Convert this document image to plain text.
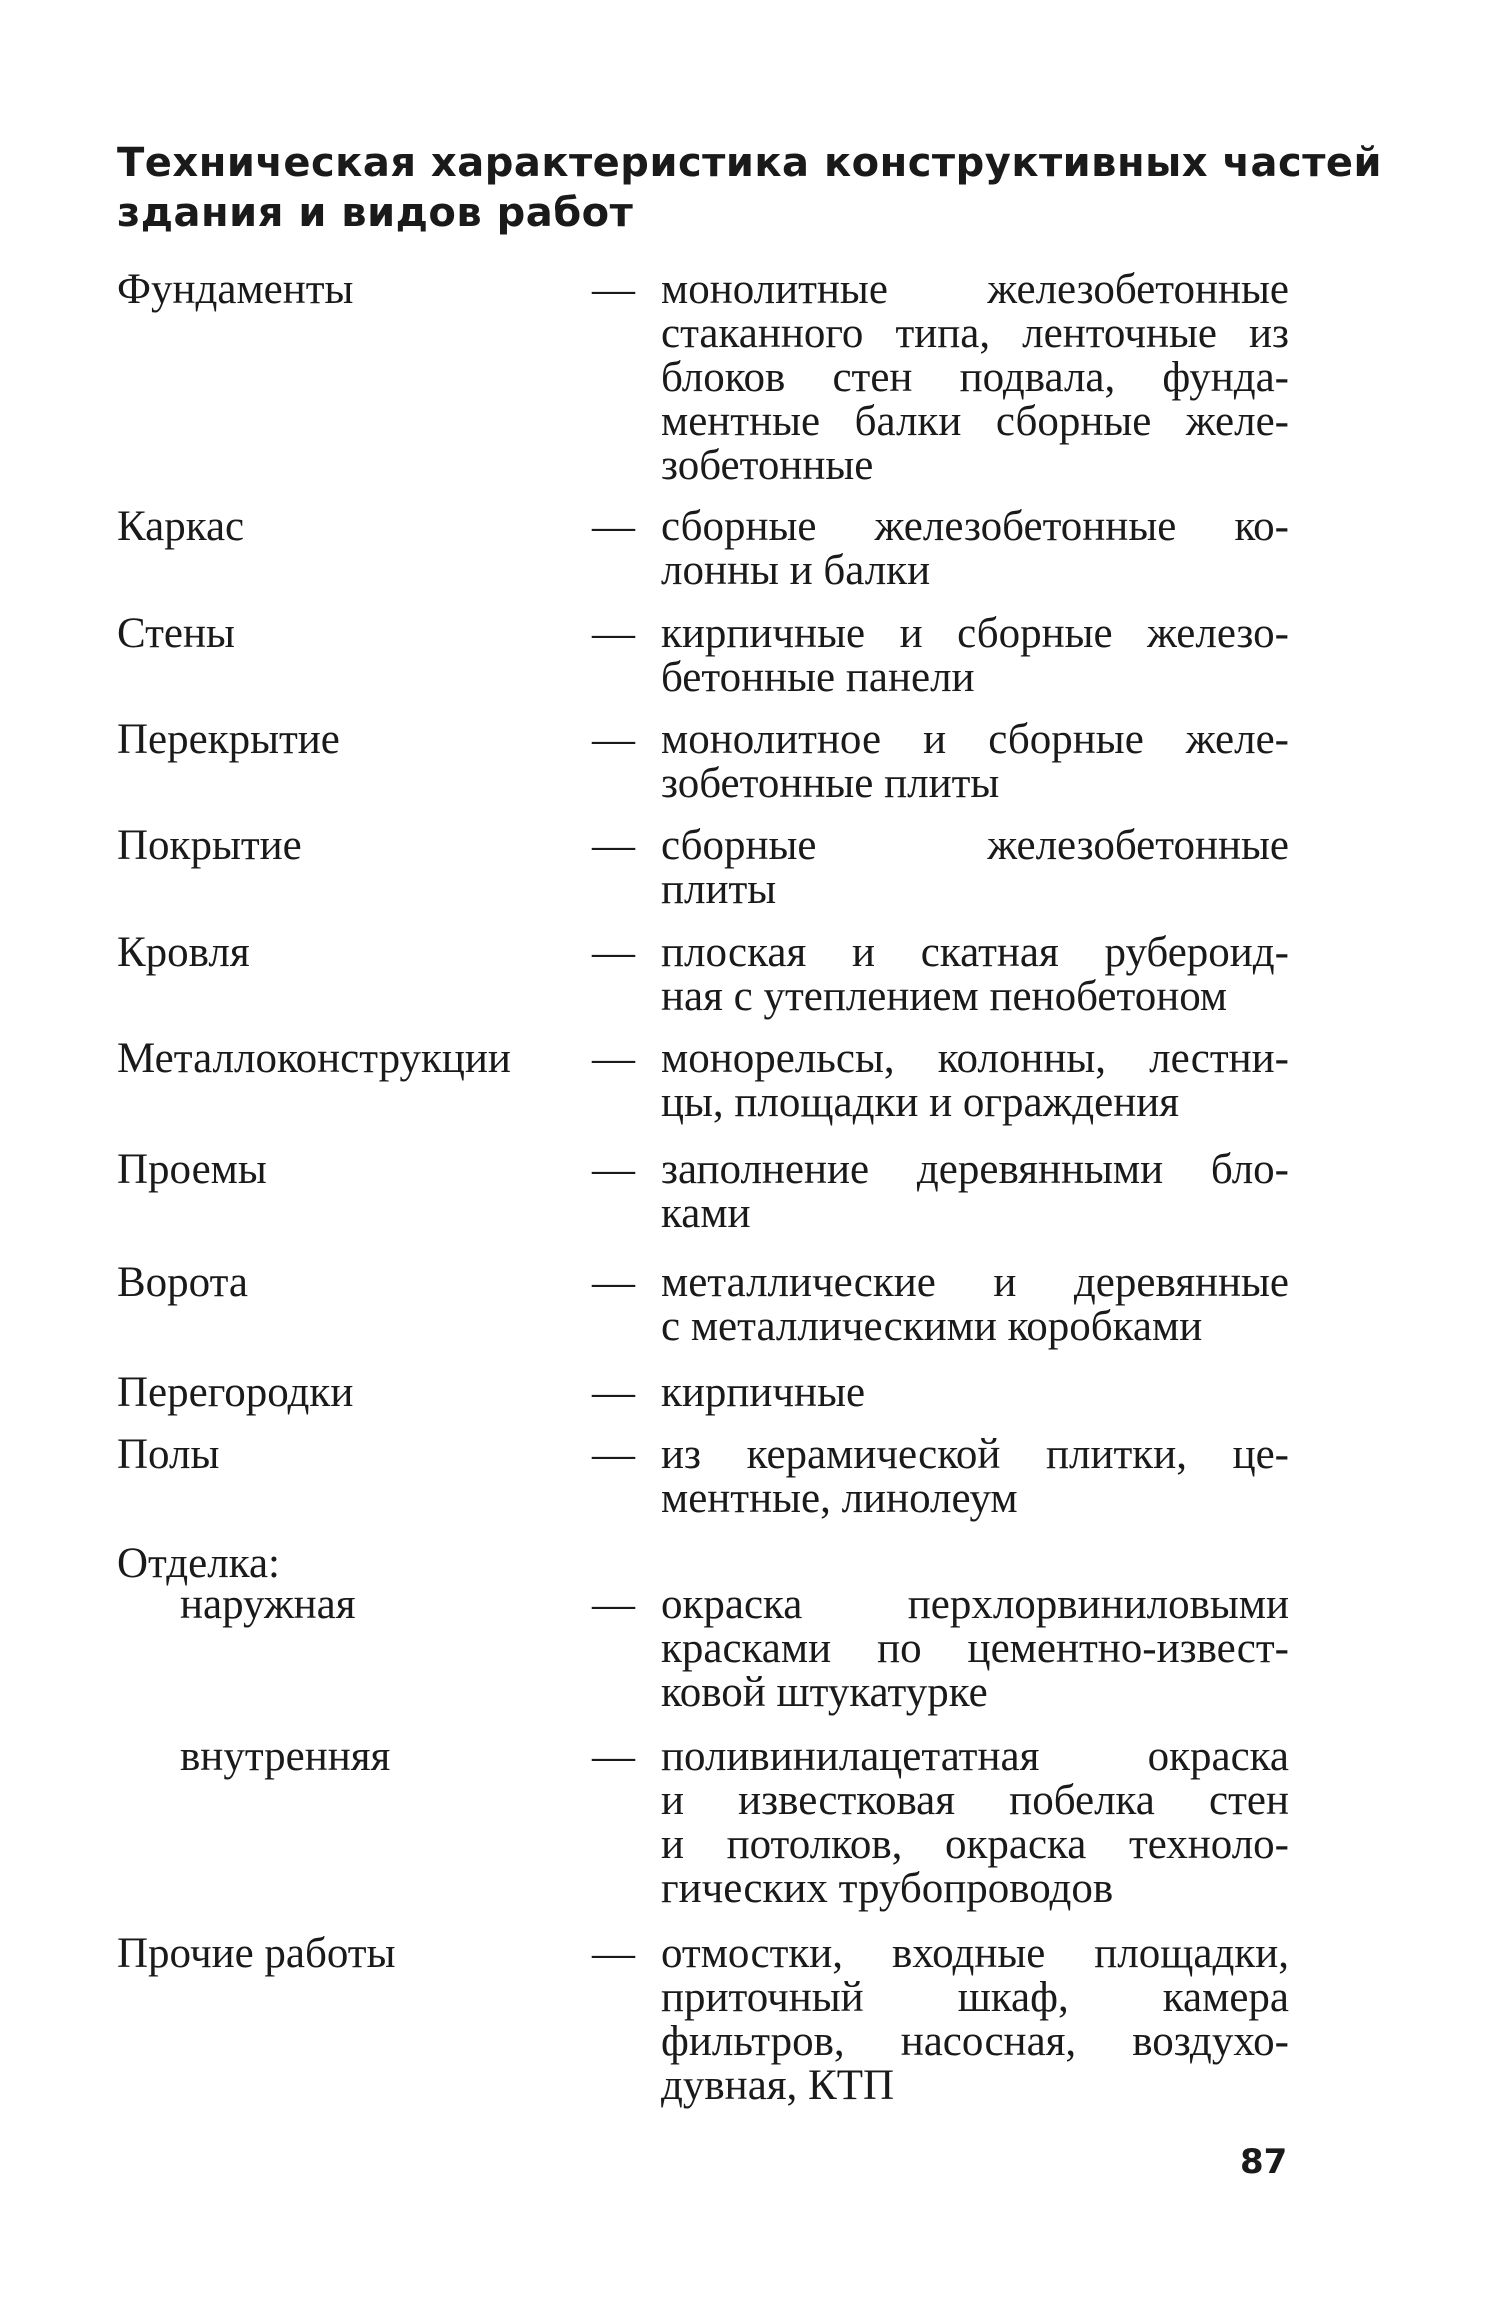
Техническая характеристика конструктивных частей
здания и видов работ
Фундаменты	— монолитные железобетонные
стаканного типа, ленточные из
блоков стен подвала, фунда-
ментные балки сборные желе-
зобетонные
Каркас	— сборные железобетонные ко-
лонны и балки
Стены	— кирпичные и сборные железо-
бетонные панели
Перекрытие	— монолитное и сборные желе-
зобетонные плиты
Покрытие	— сборные железобетонные
плиты
Кровля	— плоская и скатная рубероид-
ная с утеплением пенобетоном
Металлоконструкции — монорельсы, колонны, лестни-
цы, площадки и ограждения
Проемы	— заполнение деревянными бло-
ками
Ворота	— металлические и деревянные
с металлическими коробками
Перегородки	— кирпичные
Полы	— из керамической плитки, це-
ментные, линолеум
Отделка:
наружная	— окраска перхлорвиниловыми
красками по цементно-извест-
ковой штукатурке
внутренняя	— поливинилацетатная окраска
и известковая побелка стен
и потолков, окраска техноло-
гических трубопроводов
Прочие работы	— отмостки, входные площадки,
приточный шкаф, камера
фильтров, насосная, воздухо-
дувная, КТП
87
